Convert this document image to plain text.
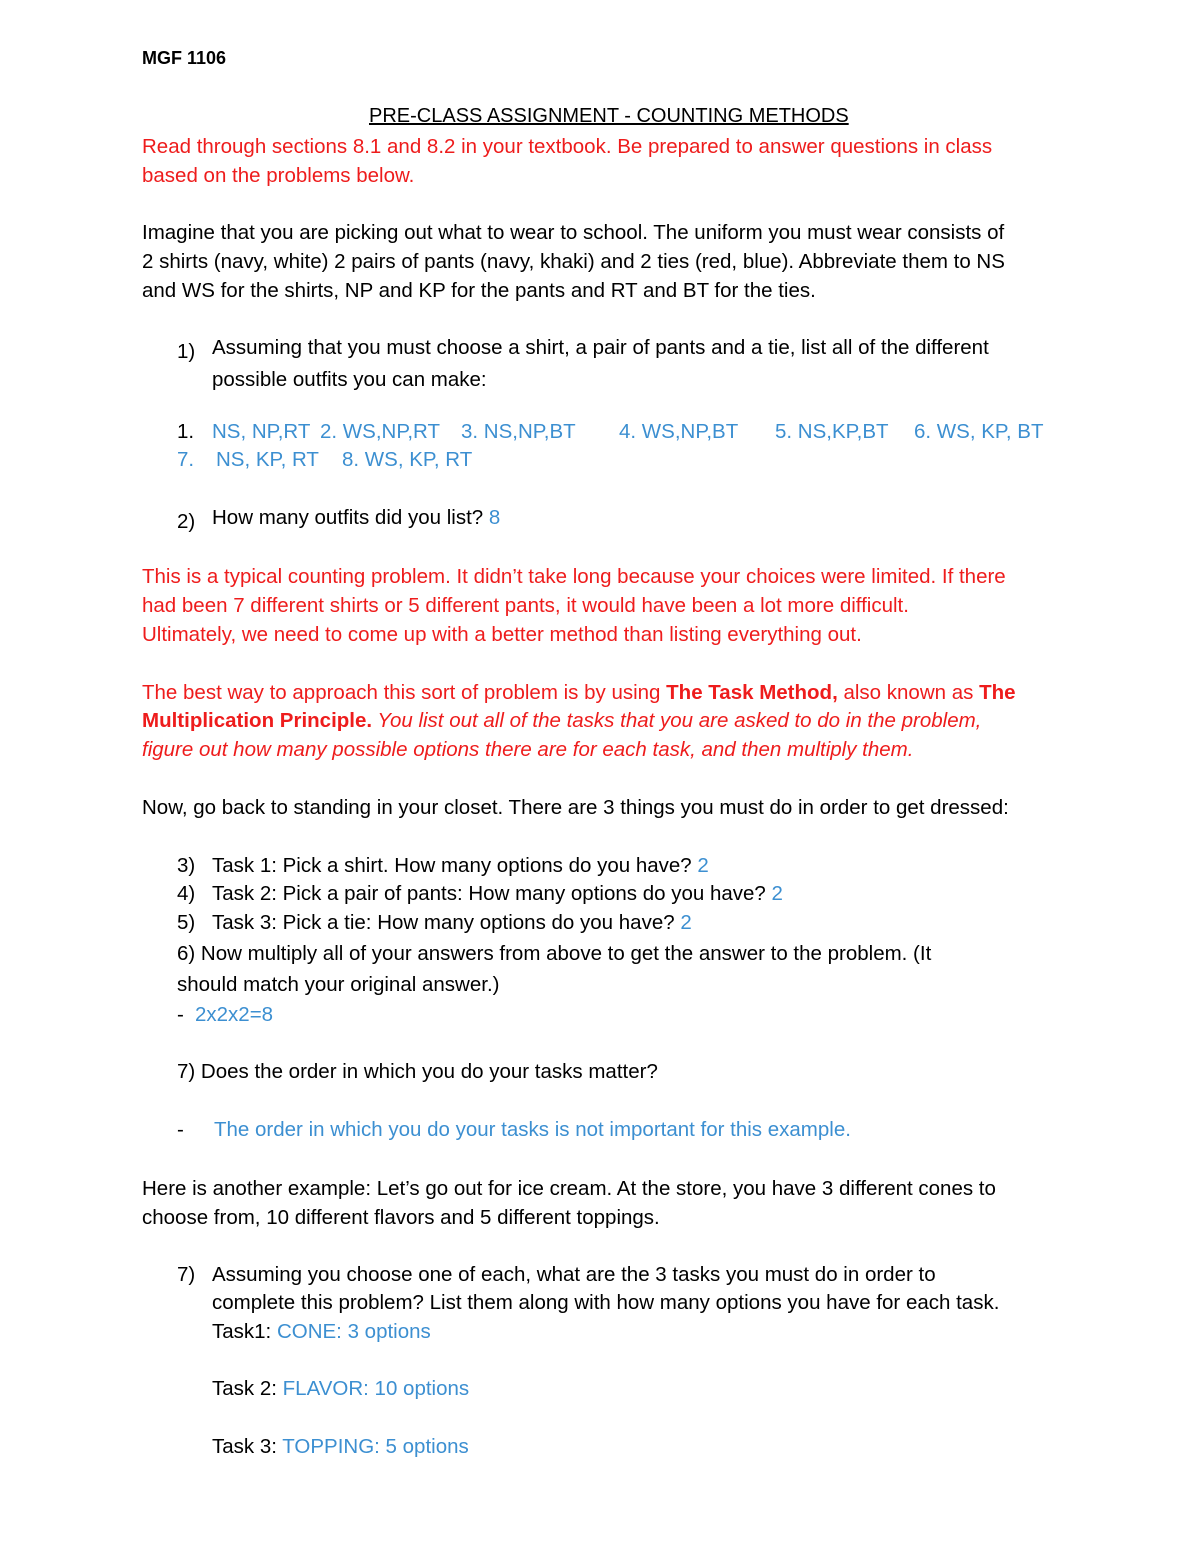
MGF 1106
PRE-CLASS ASSIGNMENT - COUNTING METHODS
Read through sections 8.1 and 8.2 in your textbook. Be prepared to answer questions in class
based on the problems below.
Imagine that you are picking out what to wear to school. The uniform you must wear consists of
2 shirts (navy, white) 2 pairs of pants (navy, khaki) and 2 ties (red, blue). Abbreviate them to NS
and WS for the shirts, NP and KP for the pants and RT and BT for the ties.
1) Assuming that you must choose a shirt, a pair of pants and a tie, list all of the different
possible outfits you can make:
1. NS, NP,RT 2. WS,NP,RT 3. NS,NP,BT 4. WS,NP,BT 5. NS,KP,BT 6. WS, KP, BT
7. NS, KP, RT 8. WS, KP, RT
2) How many outfits did you list? 8
This is a typical counting problem. It didn’t take long because your choices were limited. If there
had been 7 different shirts or 5 different pants, it would have been a lot more difficult.
Ultimately, we need to come up with a better method than listing everything out.
The best way to approach this sort of problem is by using The Task Method, also known as The
Multiplication Principle. You list out all of the tasks that you are asked to do in the problem,
figure out how many possible options there are for each task, and then multiply them.
Now, go back to standing in your closet. There are 3 things you must do in order to get dressed:
3) Task 1: Pick a shirt. How many options do you have? 2
4) Task 2: Pick a pair of pants: How many options do you have? 2
5) Task 3: Pick a tie: How many options do you have? 2
6) Now multiply all of your answers from above to get the answer to the problem. (It
should match your original answer.)
- 2x2x2=8
7) Does the order in which you do your tasks matter?
- The order in which you do your tasks is not important for this example.
Here is another example: Let’s go out for ice cream. At the store, you have 3 different cones to
choose from, 10 different flavors and 5 different toppings.
7) Assuming you choose one of each, what are the 3 tasks you must do in order to
complete this problem? List them along with how many options you have for each task.
Task1: CONE: 3 options
Task 2: FLAVOR: 10 options
Task 3: TOPPING: 5 options
